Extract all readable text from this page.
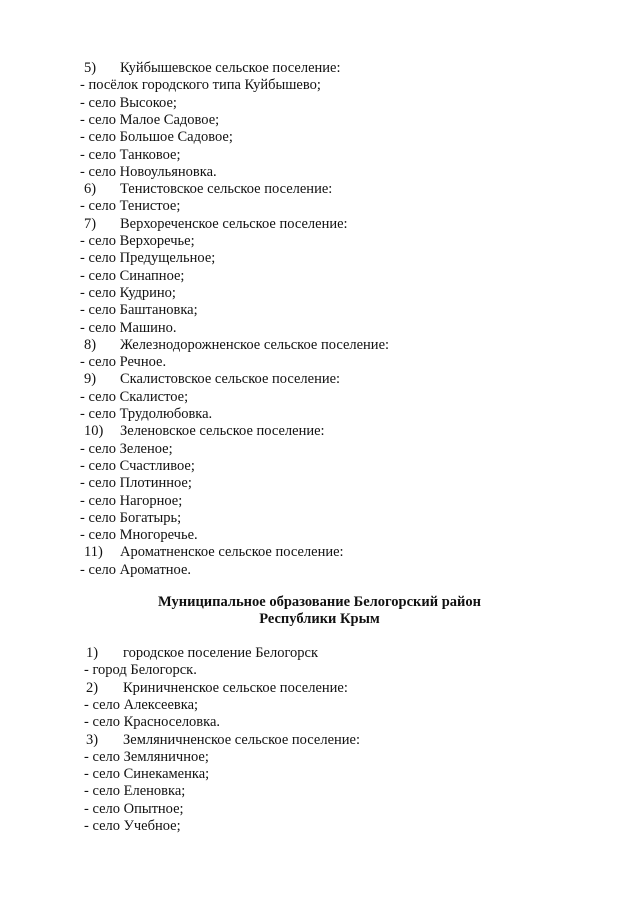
5) Куйбышевское сельское поселение:
- посёлок городского типа Куйбышево;
- село Высокое;
- село Малое Садовое;
- село Большое Садовое;
- село Танковое;
- село Новоульяновка.
6) Тенистовское сельское поселение:
- село Тенистое;
7) Верхореченское сельское поселение:
- село Верхоречье;
- село Предущельное;
- село Синапное;
- село Кудрино;
- село Баштановка;
- село Машино.
8) Железнодорожненское сельское поселение:
- село Речное.
9) Скалистовское сельское поселение:
- село Скалистое;
- село Трудолюбовка.
10) Зеленовское сельское поселение:
- село Зеленое;
- село Счастливое;
- село Плотинное;
- село Нагорное;
- село Богатырь;
- село Многоречье.
11) Ароматненское сельское поселение:
- село Ароматное.
Муниципальное образование Белогорский район
Республики Крым
1) городское поселение Белогорск
- город Белогорск.
2) Криничненское сельское поселение:
- село Алексеевка;
- село Красноселовка.
3) Земляничненское сельское поселение:
- село Земляничное;
- село Синекаменка;
- село Еленовка;
- село Опытное;
- село Учебное;
